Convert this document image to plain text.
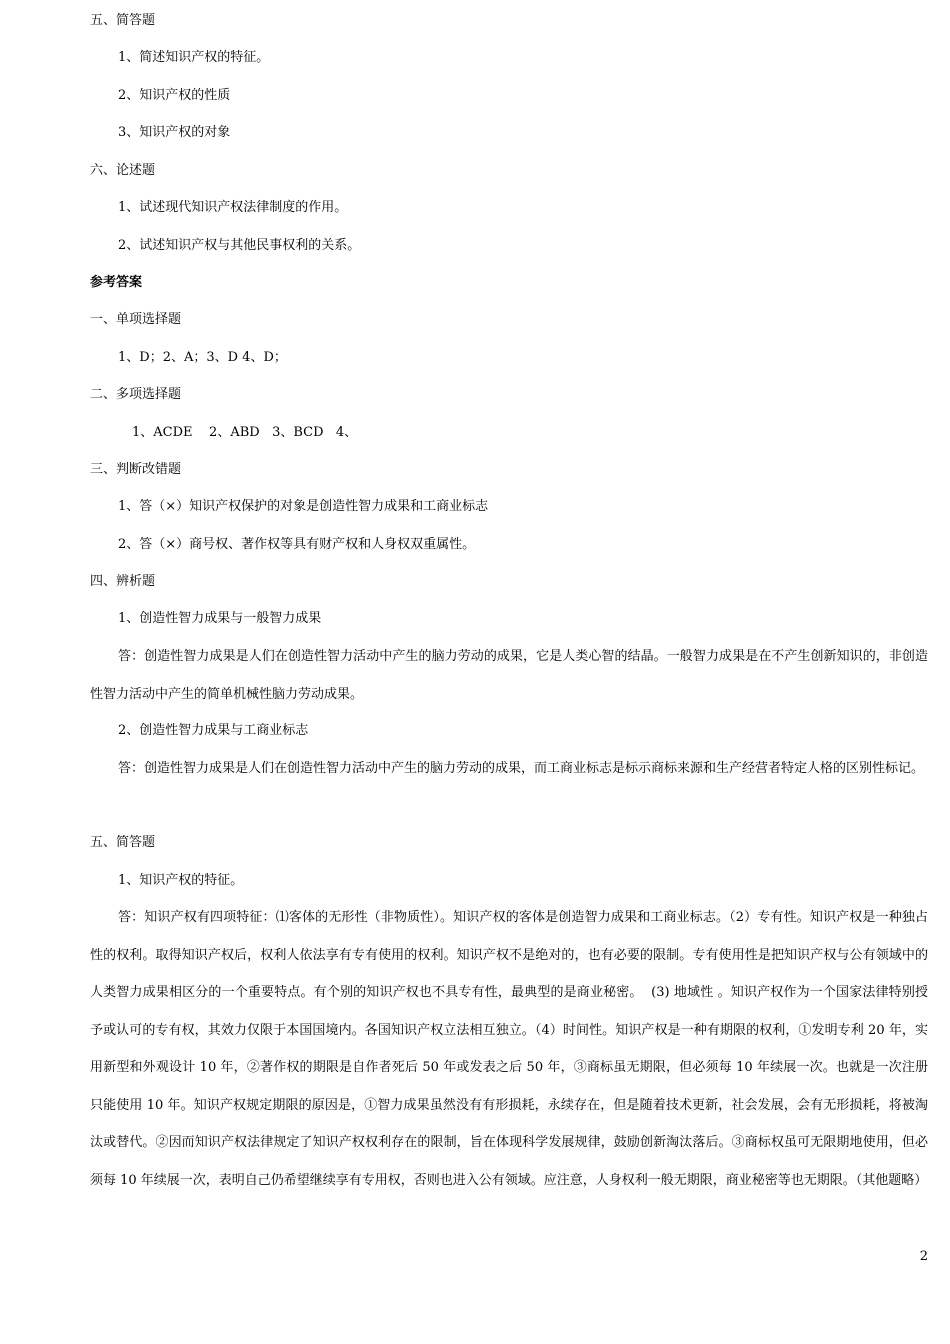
五、简答题
1、简述知识产权的特征。
2、知识产权的性质
3、知识产权的对象
六、论述题
1、试述现代知识产权法律制度的作用。
2、试述知识产权与其他民事权利的关系。
参考答案
一、单项选择题
1、D；2、A；3、D 4、D；
二、多项选择题
1、ACDE    2、ABD   3、BCD   4、
三、判断改错题
1、答（×）知识产权保护的对象是创造性智力成果和工商业标志
2、答（×）商号权、著作权等具有财产权和人身权双重属性。
四、辨析题
1、创造性智力成果与一般智力成果
答：创造性智力成果是人们在创造性智力活动中产生的脑力劳动的成果，它是人类心智的结晶。一般智力成果是在不产生创新知识的，非创造性智力活动中产生的简单机械性脑力劳动成果。
2、创造性智力成果与工商业标志
答：创造性智力成果是人们在创造性智力活动中产生的脑力劳动的成果，而工商业标志是标示商标来源和生产经营者特定人格的区别性标记。
五、简答题
1、知识产权的特征。
答：知识产权有四项特征：⑴客体的无形性（非物质性）。知识产权的客体是创造智力成果和工商业标志。（2）专有性。知识产权是一种独占性的权利。取得知识产权后，权利人依法享有专有使用的权利。知识产权不是绝对的，也有必要的限制。专有使用性是把知识产权与公有领域中的人类智力成果相区分的一个重要特点。有个别的知识产权也不具专有性，最典型的是商业秘密。  (3) 地域性 。知识产权作为一个国家法律特别授予或认可的专有权，其效力仅限于本国国境内。各国知识产权立法相互独立。（4）时间性。知识产权是一种有期限的权利，①发明专利 20 年，实用新型和外观设计 10 年，②著作权的期限是自作者死后 50 年或发表之后 50 年，③商标虽无期限，但必须每 10 年续展一次。也就是一次注册只能使用 10 年。知识产权规定期限的原因是，①智力成果虽然没有有形损耗，永续存在，但是随着技术更新，社会发展，会有无形损耗，将被淘汰或替代。②因而知识产权法律规定了知识产权权利存在的限制，旨在体现科学发展规律，鼓励创新淘汰落后。③商标权虽可无限期地使用，但必须每 10 年续展一次，表明自己仍希望继续享有专用权，否则也进入公有领域。应注意，人身权利一般无期限，商业秘密等也无期限。（其他题略）
2
